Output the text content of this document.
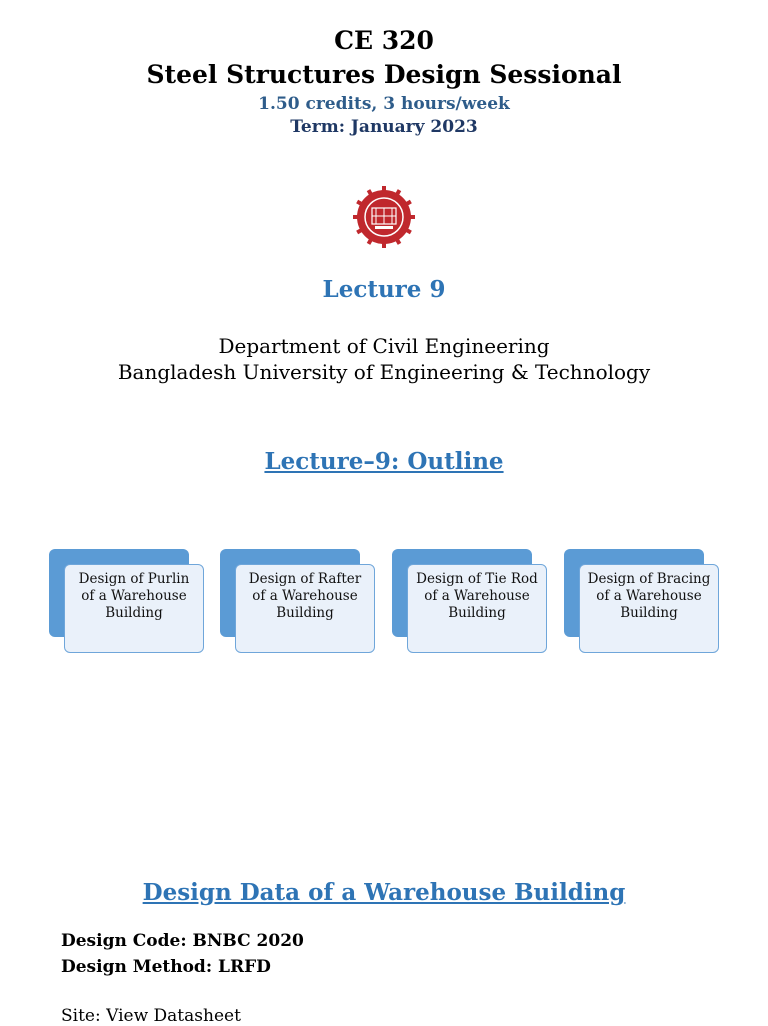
CE 320
Steel Structures Design Sessional
1.50 credits, 3 hours/week
Term: January 2023
Lecture 9
Department of Civil Engineering
Bangladesh University of Engineering & Technology
Lecture–9: Outline
Design of Purlin
of a Warehouse
Building
Design of Rafter
of a Warehouse
Building
Design of Tie Rod
of a Warehouse
Building
Design of Bracing
of a Warehouse
Building
Design Data of a Warehouse Building
Design Code: BNBC 2020
Design Method: LRFD
Site: View Datasheet
